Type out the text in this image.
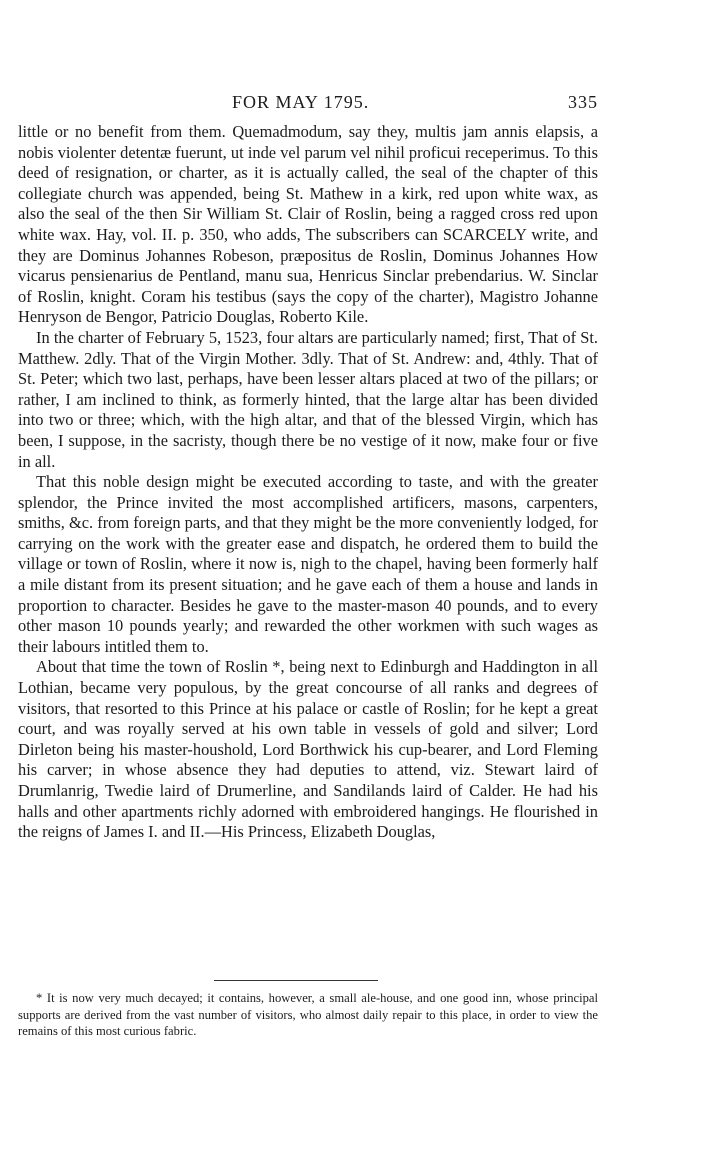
FOR MAY 1795.	335

little or no benefit from them. Quemadmodum, say they, multis jam annis elapsis, a nobis violenter detentæ fuerunt, ut inde vel parum vel nihil proficui receperimus. To this deed of resignation, or charter, as it is actually called, the seal of the chapter of this collegiate church was appended, being St. Mathew in a kirk, red upon white wax, as also the seal of the then Sir William St. Clair of Roslin, being a ragged cross red upon white wax. Hay, vol. II. p. 350, who adds, The subscribers can SCARCELY write, and they are Dominus Johannes Robeson, præpositus de Roslin, Dominus Johannes How vicarus pensienarius de Pentland, manu sua, Henricus Sinclar prebendarius. W. Sinclar of Roslin, knight. Coram his testibus (says the copy of the charter), Magistro Johanne Henryson de Bengor, Patricio Douglas, Roberto Kile.

In the charter of February 5, 1523, four altars are particularly named; first, That of St. Matthew. 2dly. That of the Virgin Mother. 3dly. That of St. Andrew: and, 4thly. That of St. Peter; which two last, perhaps, have been lesser altars placed at two of the pillars; or rather, I am inclined to think, as formerly hinted, that the large altar has been divided into two or three; which, with the high altar, and that of the blessed Virgin, which has been, I suppose, in the sacristy, though there be no vestige of it now, make four or five in all.

That this noble design might be executed according to taste, and with the greater splendor, the Prince invited the most accomplished artificers, masons, carpenters, smiths, &c. from foreign parts, and that they might be the more conveniently lodged, for carrying on the work with the greater ease and dispatch, he ordered them to build the village or town of Roslin, where it now is, nigh to the chapel, having been formerly half a mile distant from its present situation; and he gave each of them a house and lands in proportion to character. Besides he gave to the master-mason 40 pounds, and to every other mason 10 pounds yearly; and rewarded the other workmen with such wages as their labours intitled them to.

About that time the town of Roslin *, being next to Edinburgh and Haddington in all Lothian, became very populous, by the great concourse of all ranks and degrees of visitors, that resorted to this Prince at his palace or castle of Roslin; for he kept a great court, and was royally served at his own table in vessels of gold and silver; Lord Dirleton being his master-houshold, Lord Borthwick his cup-bearer, and Lord Fleming his carver; in whose absence they had deputies to attend, viz. Stewart laird of Drumlanrig, Twedie laird of Drumerline, and Sandilands laird of Calder. He had his halls and other apartments richly adorned with embroidered hangings. He flourished in the reigns of James I. and II.—His Princess, Elizabeth Douglas,

* It is now very much decayed; it contains, however, a small ale-house, and one good inn, whose principal supports are derived from the vast number of visitors, who almost daily repair to this place, in order to view the remains of this most curious fabric.
